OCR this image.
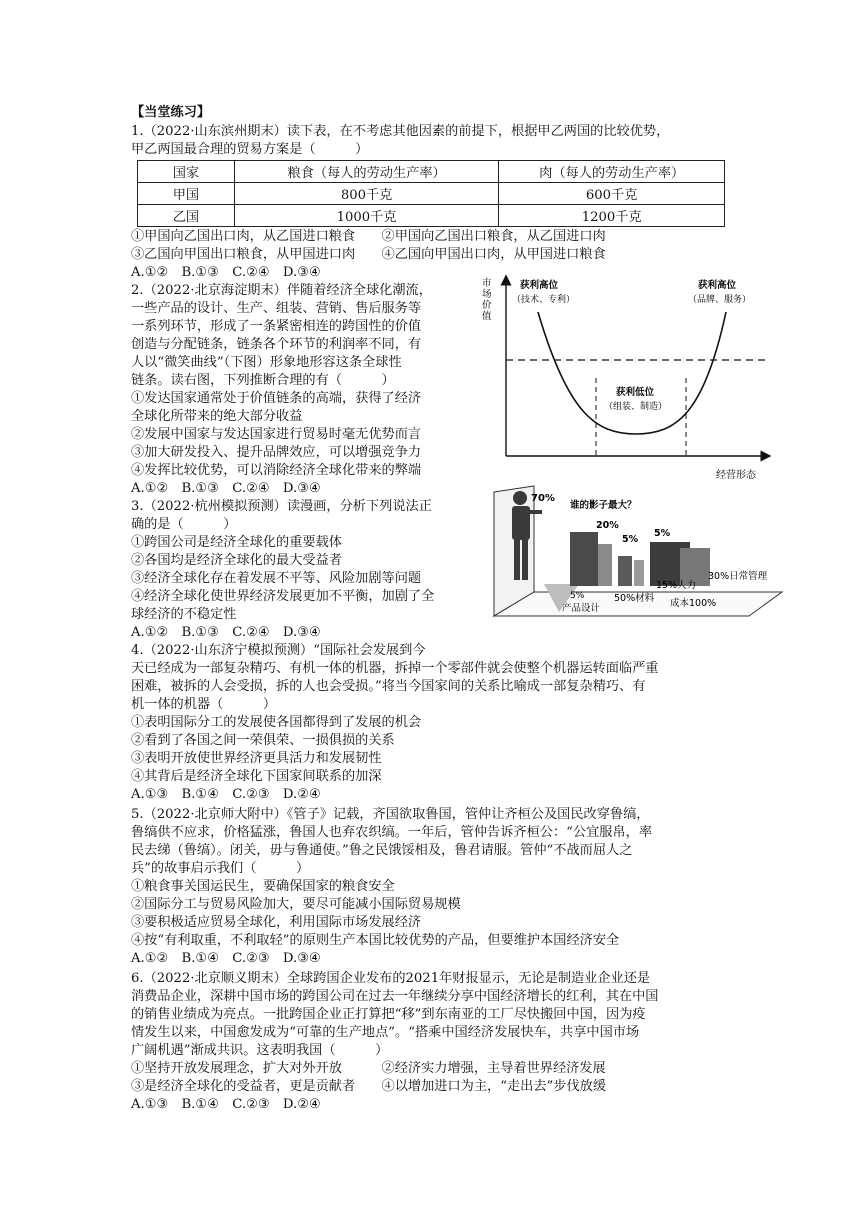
【当堂练习】
1.（2022·山东滨州期末）读下表，在不考虑其他因素的前提下，根据甲乙两国的比较优势，
甲乙两国最合理的贸易方案是（　　　）
国家	粮食（每人的劳动生产率）	肉（每人的劳动生产率）
甲国	800千克	600千克
乙国	1000千克	1200千克
①甲国向乙国出口肉，从乙国进口粮食　　②甲国向乙国出口粮食，从乙国进口肉
③乙国向甲国出口粮食，从甲国进口肉　　④乙国向甲国出口肉，从甲国进口粮食
A.①②　B.①③　C.②④　D.③④
2.（2022·北京海淀期末）伴随着经济全球化潮流，
一些产品的设计、生产、组装、营销、售后服务等
一系列环节，形成了一条紧密相连的跨国性的价值
创造与分配链条，链条各个环节的利润率不同，有
人以“微笑曲线”（下图）形象地形容这条全球性
链条。读右图，下列推断合理的有（　　　）
①发达国家通常处于价值链条的高端，获得了经济
全球化所带来的绝大部分收益
②发展中国家与发达国家进行贸易时毫无优势而言
③加大研发投入、提升品牌效应，可以增强竞争力
④发挥比较优势，可以消除经济全球化带来的弊端
A.①②　B.①③　C.②④　D.③④
市 场 价 值
经营形态
获利高位
（技术、专利）
获利高位
（品牌、服务）
获利低位
（组装、制造）
3.（2022·杭州模拟预测）读漫画，分析下列说法正
确的是（　　　）
①跨国公司是经济全球化的重要载体
②各国均是经济全球化的最大受益者
③经济全球化存在着发展不平等、风险加剧等问题
④经济全球化使世界经济发展更加不平衡，加剧了全
球经济的不稳定性
A.①②　B.①③　C.②④　D.③④
70%
谁的影子最大？
20%
5%
5%
5%
产品设计
50%材料
15%人力
30%日常管理
成本100%
4.（2022·山东济宁模拟预测）“国际社会发展到今
天已经成为一部复杂精巧、有机一体的机器，拆掉一个零部件就会使整个机器运转面临严重
困难，被拆的人会受损，拆的人也会受损。”将当今国家间的关系比喻成一部复杂精巧、有
机一体的机器（　　　）
①表明国际分工的发展使各国都得到了发展的机会
②看到了各国之间一荣俱荣、一损俱损的关系
③表明开放使世界经济更具活力和发展韧性
④其背后是经济全球化下国家间联系的加深
A.①③　B.①④　C.②③　D.②④
5.（2022·北京师大附中）《管子》记载，齐国欲取鲁国，管仲让齐桓公及国民改穿鲁缟，
鲁缟供不应求，价格猛涨，鲁国人也弃农织缟。一年后，管仲告诉齐桓公：“公宜服帛，率
民去绨（鲁缟）。闭关，毋与鲁通使。”鲁之民饿馁相及，鲁君请服。管仲“不战而屈人之
兵”的故事启示我们（　　　）
①粮食事关国运民生，要确保国家的粮食安全
②国际分工与贸易风险加大，要尽可能减小国际贸易规模
③要积极适应贸易全球化，利用国际市场发展经济
④按“有利取重，不利取轻”的原则生产本国比较优势的产品，但要维护本国经济安全
A.①②　B.①④　C.②③　D.③④
6.（2022·北京顺义期末）全球跨国企业发布的2021年财报显示，无论是制造业企业还是
消费品企业，深耕中国市场的跨国公司在过去一年继续分享中国经济增长的红利，其在中国
的销售业绩成为亮点。一批跨国企业正打算把“移”到东南亚的工厂尽快搬回中国，因为疫
情发生以来，中国愈发成为“可靠的生产地点”。“搭乘中国经济发展快车，共享中国市场
广阔机遇”渐成共识。这表明我国（　　　）
①坚持开放发展理念，扩大对外开放　　　②经济实力增强，主导着世界经济发展
③是经济全球化的受益者，更是贡献者　　④以增加进口为主，“走出去”步伐放缓
A.①③　B.①④　C.②③　D.②④
